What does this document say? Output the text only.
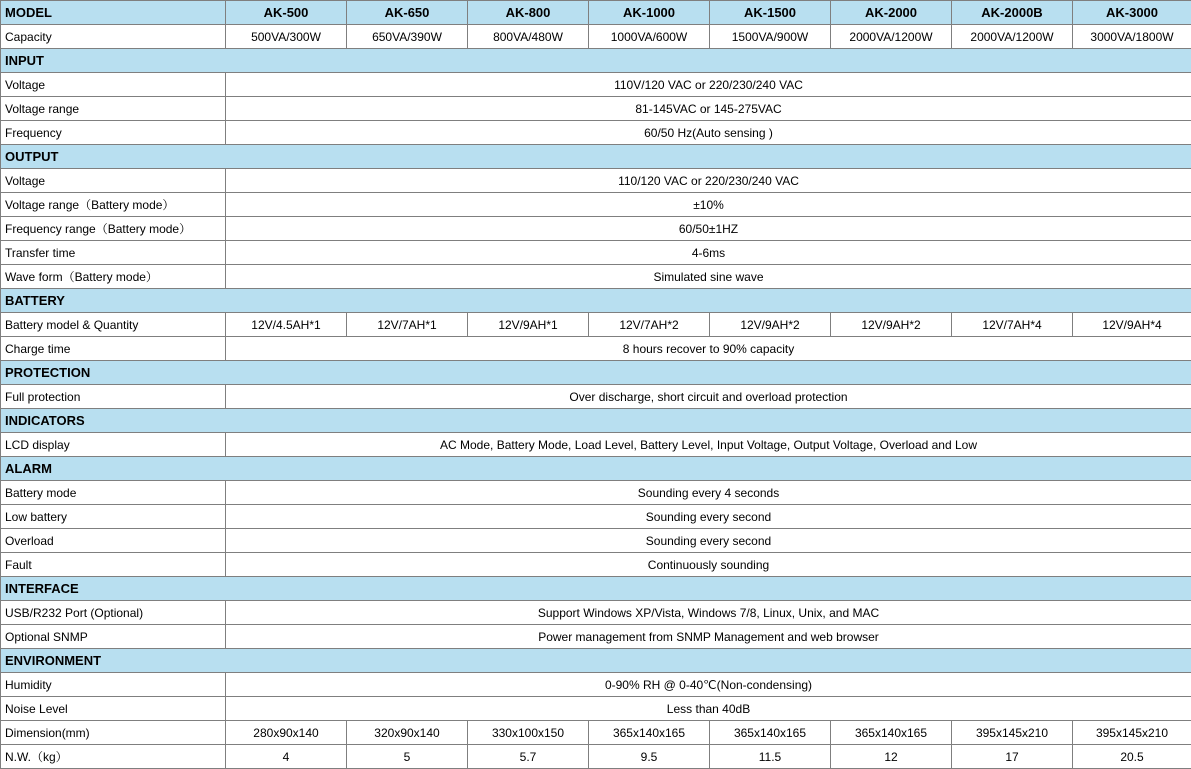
MODEL	AK-500	AK-650	AK-800	AK-1000	AK-1500	AK-2000	AK-2000B	AK-3000
Capacity	500VA/300W	650VA/390W	800VA/480W	1000VA/600W	1500VA/900W	2000VA/1200W	2000VA/1200W	3000VA/1800W
INPUT								
Voltage	110V/120 VAC or 220/230/240 VAC							
Voltage range	81-145VAC or 145-275VAC							
Frequency	60/50 Hz(Auto sensing )							
OUTPUT								
Voltage	110/120 VAC or 220/230/240 VAC							
Voltage range（Battery mode）	±10%							
Frequency range（Battery mode）	60/50±1HZ							
Transfer time	4-6ms							
Wave form（Battery mode）	Simulated sine wave							
BATTERY								
Battery model & Quantity	12V/4.5AH*1	12V/7AH*1	12V/9AH*1	12V/7AH*2	12V/9AH*2	12V/9AH*2	12V/7AH*4	12V/9AH*4
Charge time	8 hours recover to 90% capacity							
PROTECTION								
Full protection	Over discharge, short circuit and overload protection							
INDICATORS								
LCD display	AC Mode, Battery Mode, Load Level, Battery Level, Input Voltage, Output Voltage, Overload and Low							
ALARM								
Battery mode	Sounding every 4 seconds							
Low battery	Sounding every second							
Overload	Sounding every second							
Fault	Continuously sounding							
INTERFACE								
USB/R232 Port (Optional)	Support Windows XP/Vista, Windows 7/8, Linux, Unix, and MAC							
Optional SNMP	Power management from SNMP Management and web browser							
ENVIRONMENT								
Humidity	0-90% RH @ 0-40℃(Non-condensing)							
Noise Level	Less than 40dB							
Dimension(mm)	280x90x140	320x90x140	330x100x150	365x140x165	365x140x165	365x140x165	395x145x210	395x145x210
N.W.（kg）	4	5	5.7	9.5	11.5	12	17	20.5
